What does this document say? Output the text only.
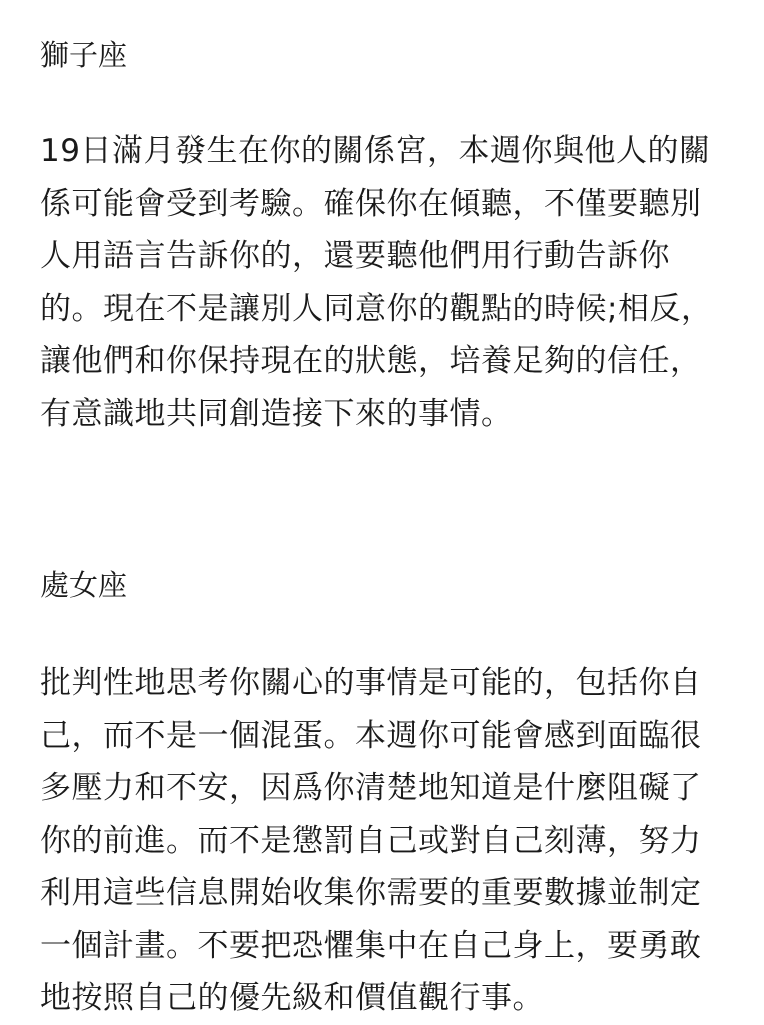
獅子座

19日滿月發生在你的關係宮，本週你與他人的關
係可能會受到考驗。確保你在傾聽，不僅要聽別
人用語言告訴你的，還要聽他們用行動告訴你
的。現在不是讓別人同意你的觀點的時候;相反，
讓他們和你保持現在的狀態，培養足夠的信任，
有意識地共同創造接下來的事情。

處女座

批判性地思考你關心的事情是可能的，包括你自
己，而不是一個混蛋。本週你可能會感到面臨很
多壓力和不安，因爲你清楚地知道是什麼阻礙了
你的前進。而不是懲罰自己或對自己刻薄，努力
利用這些信息開始收集你需要的重要數據並制定
一個計畫。不要把恐懼集中在自己身上，要勇敢
地按照自己的優先級和價值觀行事。
